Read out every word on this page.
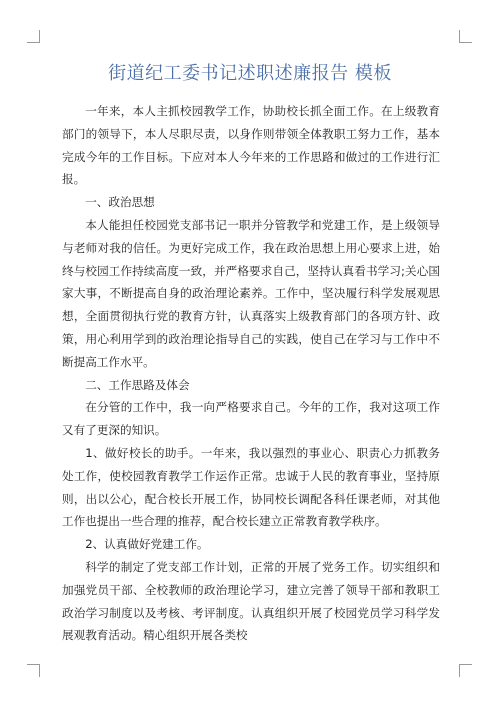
街道纪工委书记述职述廉报告 模板

一年来，本人主抓校园教学工作，协助校长抓全面工作。在上级教育部门的领导下，本人尽职尽责，以身作则带领全体教职工努力工作，基本完成今年的工作目标。下应对本人今年来的工作思路和做过的工作进行汇报。

一、政治思想

本人能担任校园党支部书记一职并分管教学和党建工作，是上级领导与老师对我的信任。为更好完成工作，我在政治思想上用心要求上进，始终与校园工作持续高度一致，并严格要求自己，坚持认真看书学习;关心国家大事，不断提高自身的政治理论素养。工作中，坚决履行科学发展观思想，全面贯彻执行党的教育方针，认真落实上级教育部门的各项方针、政策，用心利用学到的政治理论指导自己的实践，使自己在学习与工作中不断提高工作水平。

二、工作思路及体会

在分管的工作中，我一向严格要求自己。今年的工作，我对这项工作又有了更深的知识。

1、做好校长的助手。一年来，我以强烈的事业心、职责心力抓教务处工作，使校园教育教学工作运作正常。忠诚于人民的教育事业，坚持原则，出以公心，配合校长开展工作，协同校长调配各科任课老师，对其他工作也提出一些合理的推荐，配合校长建立正常教育教学秩序。

2、认真做好党建工作。

科学的制定了党支部工作计划，正常的开展了党务工作。切实组织和加强党员干部、全校教师的政治理论学习，建立完善了领导干部和教职工政治学习制度以及考核、考评制度。认真组织开展了校园党员学习科学发展观教育活动。精心组织开展各类校
